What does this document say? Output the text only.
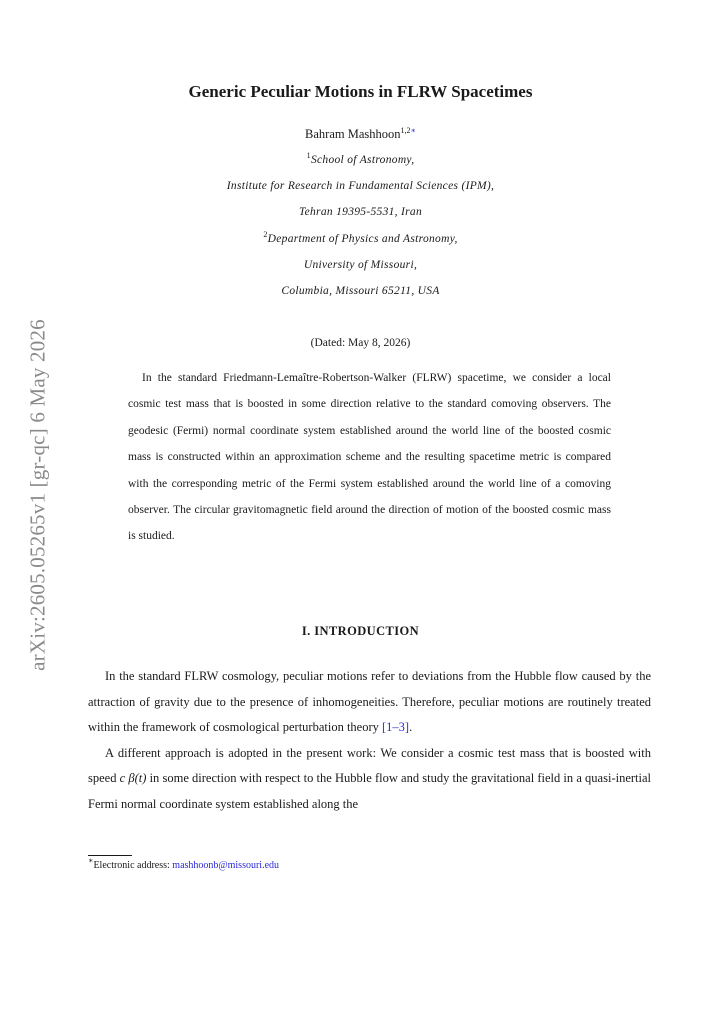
arXiv:2605.05265v1 [gr-qc] 6 May 2026
Generic Peculiar Motions in FLRW Spacetimes
Bahram Mashhoon$^{1,2∗}$
$^1$School of Astronomy,
Institute for Research in Fundamental Sciences (IPM),
Tehran 19395-5531, Iran
$^2$Department of Physics and Astronomy,
University of Missouri,
Columbia, Missouri 65211, USA
(Dated: May 8, 2026)

In the standard Friedmann-Lemaître-Robertson-Walker (FLRW) spacetime, we consider a local cosmic test mass that is boosted in some direction relative to the standard comoving observers. The geodesic (Fermi) normal coordinate system established around the world line of the boosted cosmic mass is constructed within an approximation scheme and the resulting spacetime metric is compared with the corresponding metric of the Fermi system established around the world line of a comoving observer. The circular gravitomagnetic field around the direction of motion of the boosted cosmic mass is studied.

I. INTRODUCTION

In the standard FLRW cosmology, peculiar motions refer to deviations from the Hubble flow caused by the attraction of gravity due to the presence of inhomogeneities. Therefore, peculiar motions are routinely treated within the framework of cosmological perturbation theory [1–3].

A different approach is adopted in the present work: We consider a cosmic test mass that is boosted with speed c β(t) in some direction with respect to the Hubble flow and study the gravitational field in a quasi-inertial Fermi normal coordinate system established along the

∗Electronic address: mashhoonb@missouri.edu
